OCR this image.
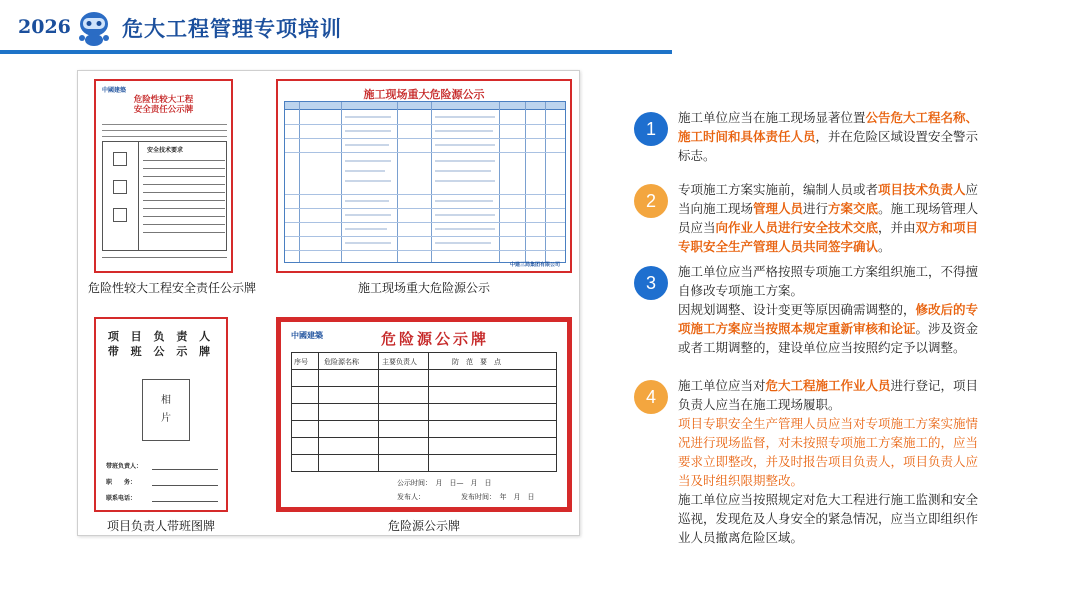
2026 危大工程管理专项培训
中國建築
危险性较大工程
安全责任公示牌
安全技术要求
危险性较大工程安全责任公示牌
施工现场重大危险源公示
中建三局集团有限公司
施工现场重大危险源公示
项 目 负 责 人
带 班 公 示 牌
相
片
带班负责人：
职　　务：
联系电话：
项目负责人带班图牌
中國建築	危险源公示牌
序号 危险源名称	主要负责人	防　范　要　点
公示时间：　月　日—　月　日
发布人：	发布时间：　年　月　日
危险源公示牌
1
施工单位应当在施工现场显著位置公告危大工程名称、施工时间和具体责任人员，并在危险区域设置安全警示标志。
2
专项施工方案实施前，编制人员或者项目技术负责人应当向施工现场管理人员进行方案交底。施工现场管理人员应当向作业人员进行安全技术交底，并由双方和项目专职安全生产管理人员共同签字确认。
3
施工单位应当严格按照专项施工方案组织施工，不得擅自修改专项施工方案。
因规划调整、设计变更等原因确需调整的，修改后的专项施工方案应当按照本规定重新审核和论证。涉及资金或者工期调整的，建设单位应当按照约定予以调整。
4
施工单位应当对危大工程施工作业人员进行登记，项目负责人应当在施工现场履职。
项目专职安全生产管理人员应当对专项施工方案实施情况进行现场监督，对未按照专项施工方案施工的，应当要求立即整改，并及时报告项目负责人，项目负责人应当及时组织限期整改。
施工单位应当按照规定对危大工程进行施工监测和安全巡视，发现危及人身安全的紧急情况，应当立即组织作业人员撤离危险区域。
